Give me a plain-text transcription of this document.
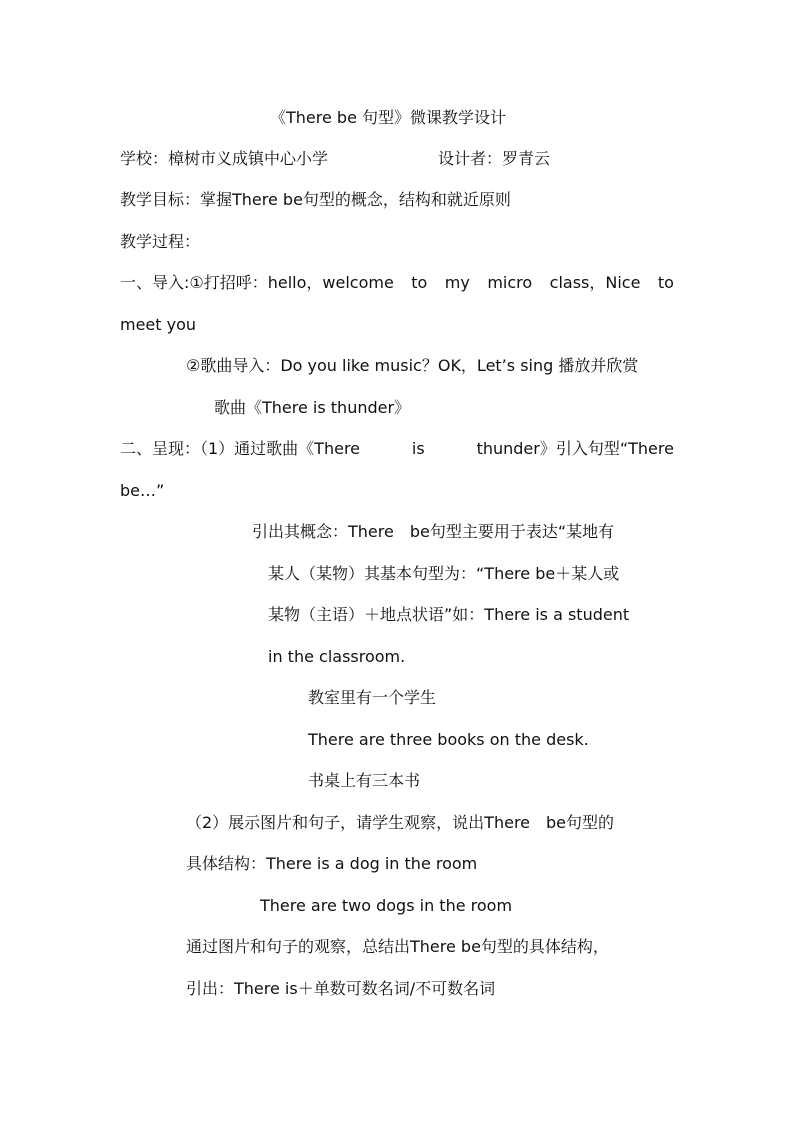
《There be 句型》微课教学设计
学校：樟树市义成镇中心小学	设计者：罗青云
教学目标：掌握There be句型的概念，结构和就近原则
教学过程：
一、导入:①打招呼：hello，welcome to my micro class，Nice to
meet you
②歌曲导入：Do you like music？OK，Let’s sing 播放并欣赏
歌曲《There is thunder》
二、呈现：（1）通过歌曲《There	is	thunder》引入句型“There
be…”
引出其概念：There　be句型主要用于表达“某地有
某人（某物）其基本句型为：“There be＋某人或
某物（主语）＋地点状语”如：There is a student
in the classroom.
教室里有一个学生
There are three books on the desk.
书桌上有三本书
（2）展示图片和句子，请学生观察，说出There　be句型的
具体结构：There is a dog in the room
There are two dogs in the room
通过图片和句子的观察，总结出There be句型的具体结构，
引出：There is＋单数可数名词/不可数名词
